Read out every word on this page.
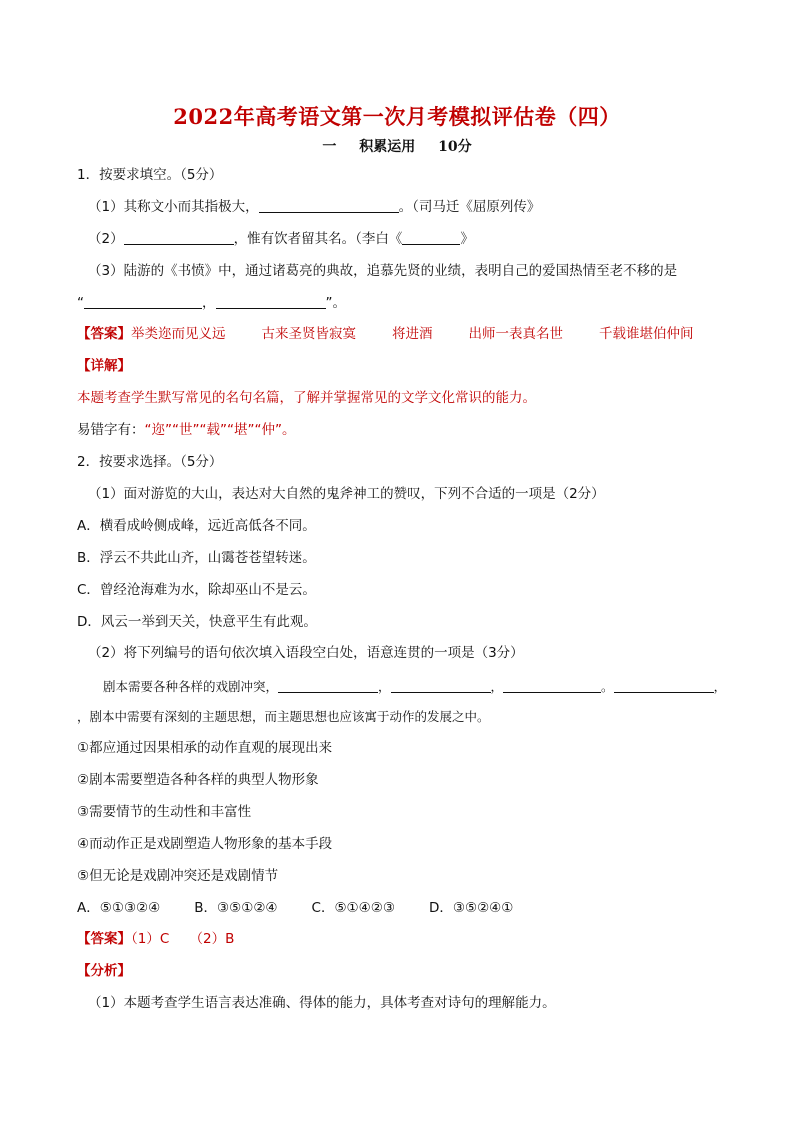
2022年高考语文第一次月考模拟评估卷（四）
一 积累运用 10分
1．按要求填空。（5分）
（1）其称文小而其指极大，	。（司马迁《屈原列传》
（2）	，惟有饮者留其名。（李白《	》
（3）陆游的《书愤》中，通过诸葛亮的典故，追慕先贤的业绩，表明自己的爱国热情至老不移的是
“	，	”。
【答案】举类迩而见义远	古来圣贤皆寂寞	将进酒	出师一表真名世	千载谁堪伯仲间
【详解】
本题考查学生默写常见的名句名篇，了解并掌握常见的文学文化常识的能力。
易错字有：“迩”“世”“载”“堪”“仲”。
2．按要求选择。（5分）
（1）面对游览的大山，表达对大自然的鬼斧神工的赞叹，下列不合适的一项是（2分）
A．横看成岭侧成峰，远近高低各不同。
B．浮云不共此山齐，山霭苍苍望转迷。
C．曾经沧海难为水，除却巫山不是云。
D．风云一举到天关，快意平生有此观。
（2）将下列编号的语句依次填入语段空白处，语意连贯的一项是（3分）
剧本需要各种各样的戏剧冲突，	，	，	。	，
，剧本中需要有深刻的主题思想，而主题思想也应该寓于动作的发展之中。
①都应通过因果相承的动作直观的展现出来
②剧本需要塑造各种各样的典型人物形象
③需要情节的生动性和丰富性
④而动作正是戏剧塑造人物形象的基本手段
⑤但无论是戏剧冲突还是戏剧情节
A．⑤①③②④	B．③⑤①②④	C．⑤①④②③	D．③⑤②④①
【答案】（1）C　　（2）B
【分析】
（1）本题考查学生语言表达准确、得体的能力，具体考查对诗句的理解能力。
